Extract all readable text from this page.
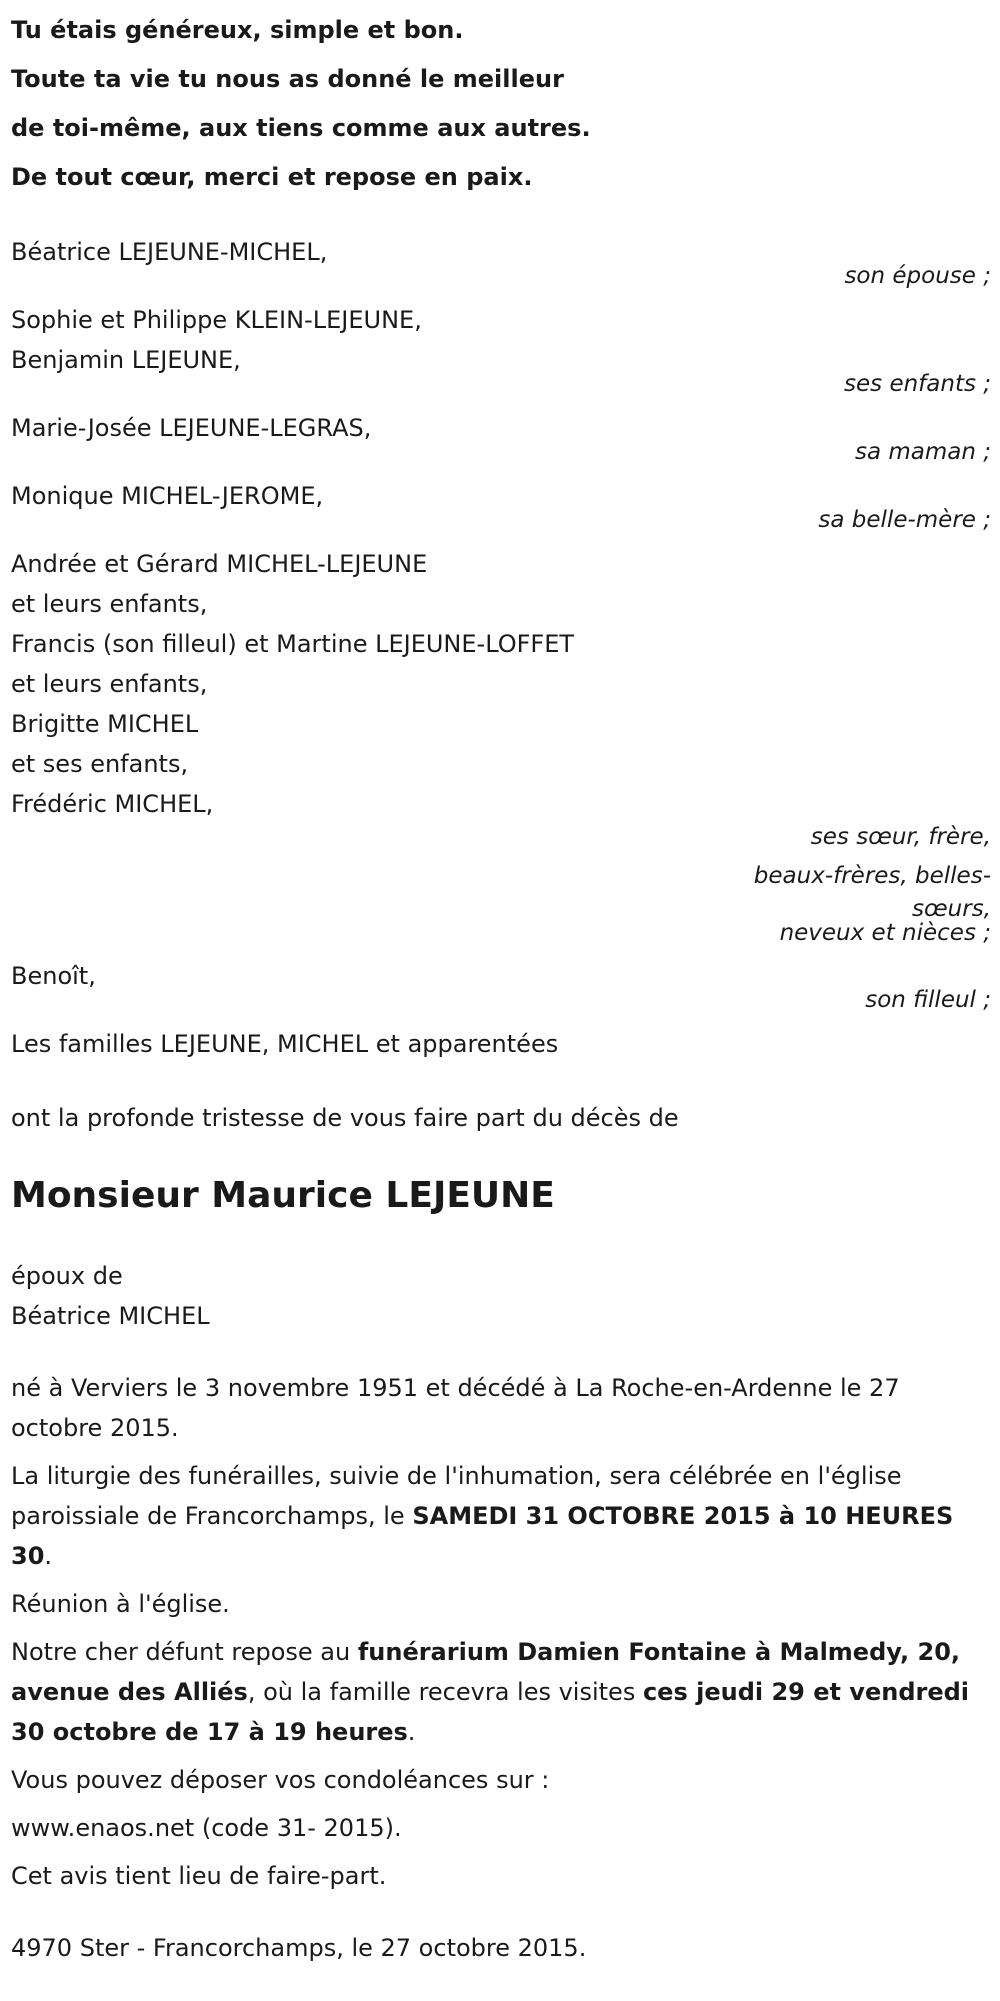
Tu étais généreux, simple et bon.

Toute ta vie tu nous as donné le meilleur

de toi-même, aux tiens comme aux autres.

De tout cœur, merci et repose en paix.

Béatrice LEJEUNE-MICHEL,

son épouse ;

Sophie et Philippe KLEIN-LEJEUNE,

Benjamin LEJEUNE,

ses enfants ;

Marie-Josée LEJEUNE-LEGRAS,

sa maman ;

Monique MICHEL-JEROME,

sa belle-mère ;

Andrée et Gérard MICHEL-LEJEUNE

et leurs enfants,

Francis (son filleul) et Martine LEJEUNE-LOFFET

et leurs enfants,

Brigitte MICHEL

et ses enfants,

Frédéric MICHEL,

ses sœur, frère,

beaux-frères, belles-

sœurs,

neveux et nièces ;

Benoît,

son filleul ;

Les familles LEJEUNE, MICHEL et apparentées

ont la profonde tristesse de vous faire part du décès de

Monsieur Maurice LEJEUNE

époux de

Béatrice MICHEL

né à Verviers le 3 novembre 1951 et décédé à La Roche-en-Ardenne le 27 octobre 2015.

La liturgie des funérailles, suivie de l'inhumation, sera célébrée en l'église paroissiale de Francorchamps, le SAMEDI 31 OCTOBRE 2015 à 10 HEURES 30.

Réunion à l'église.

Notre cher défunt repose au funérarium Damien Fontaine à Malmedy, 20, avenue des Alliés, où la famille recevra les visites ces jeudi 29 et vendredi 30 octobre de 17 à 19 heures.

Vous pouvez déposer vos condoléances sur :

www.enaos.net (code 31- 2015).

Cet avis tient lieu de faire-part.

4970 Ster - Francorchamps, le 27 octobre 2015.
